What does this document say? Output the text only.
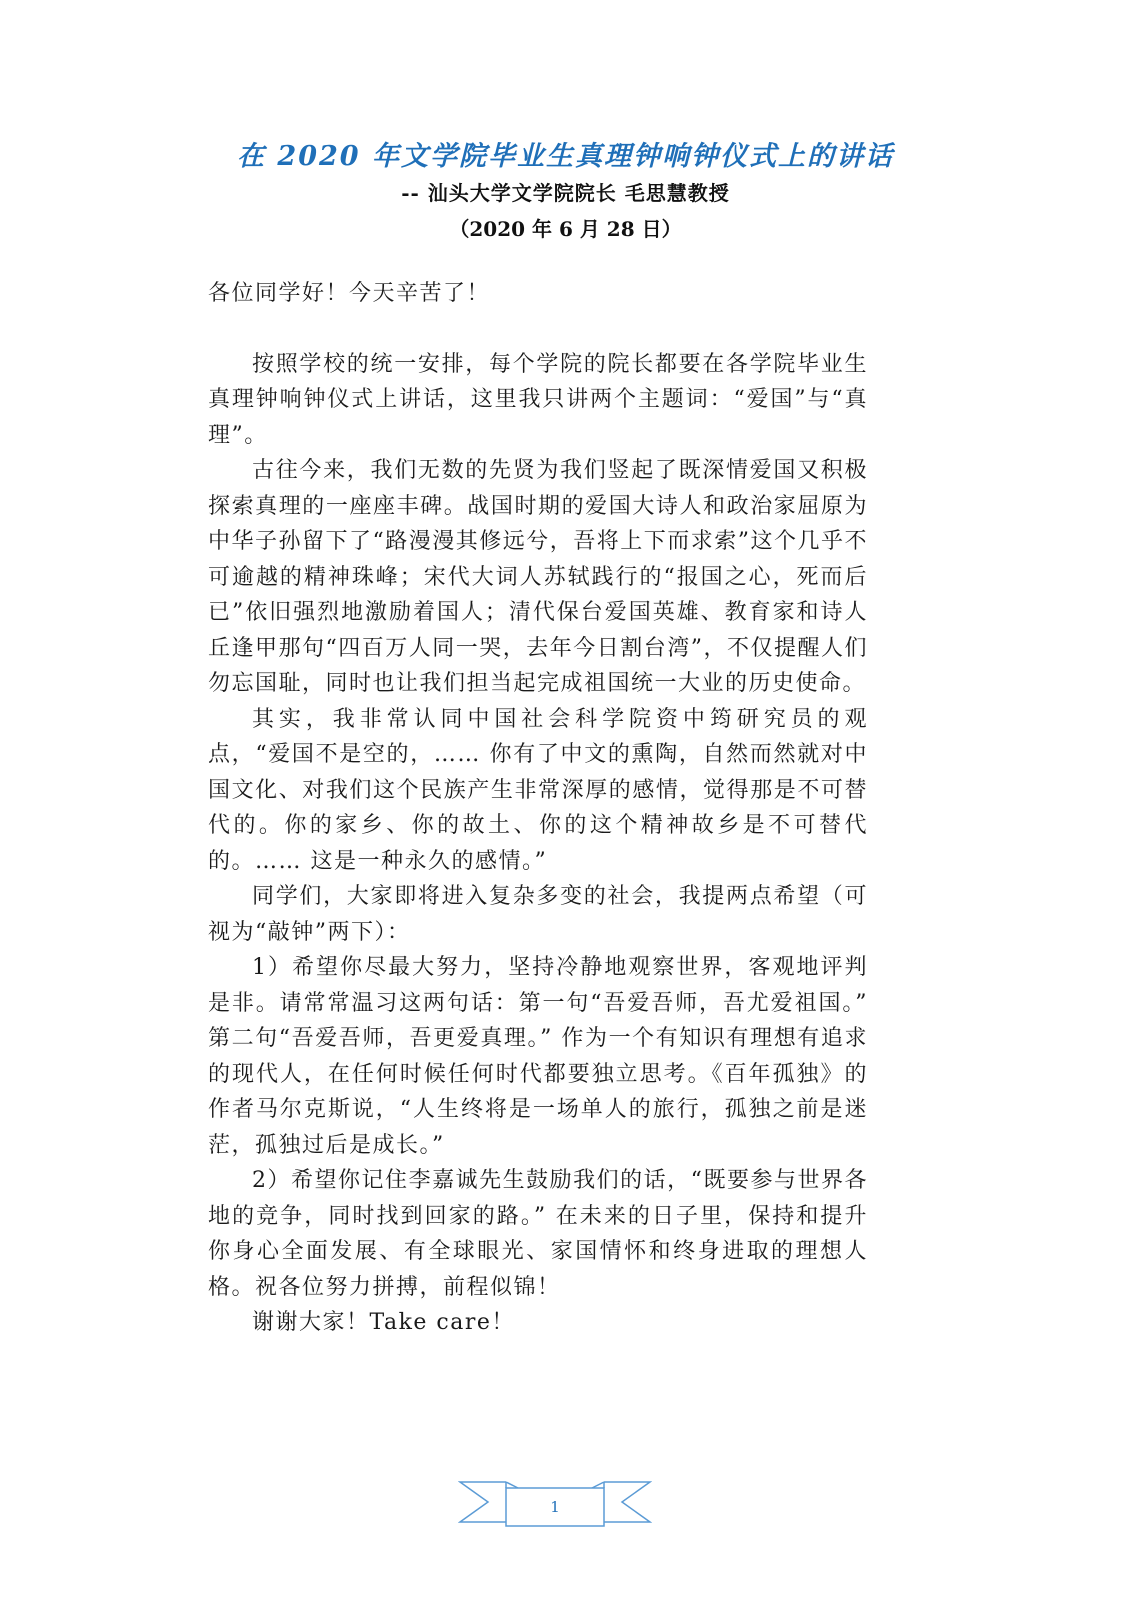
在 2020 年文学院毕业生真理钟响钟仪式上的讲话
-- 汕头大学文学院院长 毛思慧教授
（2020 年 6 月 28 日）

各位同学好！今天辛苦了！

按照学校的统一安排，每个学院的院长都要在各学院毕业生真理钟响钟仪式上讲话，这里我只讲两个主题词：“爱国”与“真理”。

古往今来，我们无数的先贤为我们竖起了既深情爱国又积极探索真理的一座座丰碑。战国时期的爱国大诗人和政治家屈原为中华子孙留下了“路漫漫其修远兮，吾将上下而求索”这个几乎不可逾越的精神珠峰；宋代大词人苏轼践行的“报国之心，死而后已”依旧强烈地激励着国人；清代保台爱国英雄、教育家和诗人丘逢甲那句“四百万人同一哭，去年今日割台湾”，不仅提醒人们勿忘国耻，同时也让我们担当起完成祖国统一大业的历史使命。

其实，我非常认同中国社会科学院资中筠研究员的观点，“爱国不是空的，…… 你有了中文的熏陶，自然而然就对中国文化、对我们这个民族产生非常深厚的感情，觉得那是不可替代的。你的家乡、你的故土、你的这个精神故乡是不可替代的。…… 这是一种永久的感情。”

同学们，大家即将进入复杂多变的社会，我提两点希望（可视为“敲钟”两下）：

1）希望你尽最大努力，坚持冷静地观察世界，客观地评判是非。请常常温习这两句话：第一句“吾爱吾师，吾尤爱祖国。” 第二句“吾爱吾师，吾更爱真理。” 作为一个有知识有理想有追求的现代人，在任何时候任何时代都要独立思考。《百年孤独》的作者马尔克斯说，“人生终将是一场单人的旅行，孤独之前是迷茫，孤独过后是成长。”

2）希望你记住李嘉诚先生鼓励我们的话，“既要参与世界各地的竞争，同时找到回家的路。” 在未来的日子里，保持和提升你身心全面发展、有全球眼光、家国情怀和终身进取的理想人格。祝各位努力拼搏，前程似锦！

谢谢大家！Take care！

1
